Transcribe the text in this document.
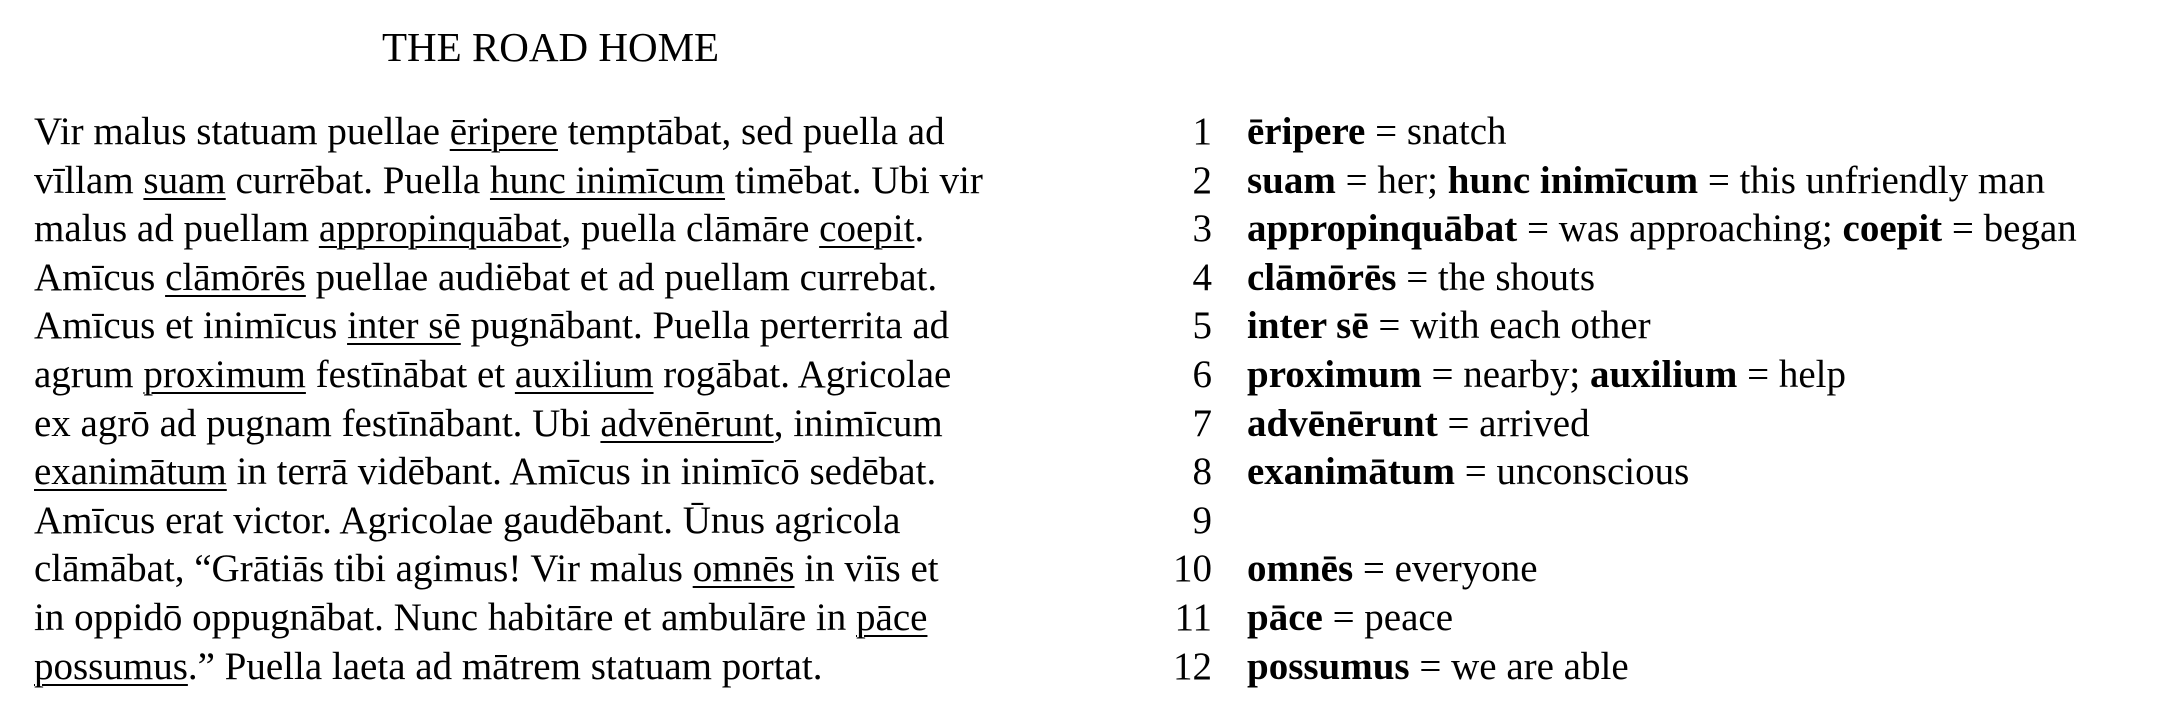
THE ROAD HOME
Vir malus statuam puellae ēripere temptābat, sed puella ad
vīllam suam currēbat. Puella hunc inimīcum timēbat. Ubi vir
malus ad puellam appropinquābat, puella clāmāre coepit.
Amīcus clāmōrēs puellae audiēbat et ad puellam currebat.
Amīcus et inimīcus inter sē pugnābant. Puella perterrita ad
agrum proximum festīnābat et auxilium rogābat. Agricolae
ex agrō ad pugnam festīnābant. Ubi advēnērunt, inimīcum
exanimātum in terrā vidēbant. Amīcus in inimīcō sedēbat.
Amīcus erat victor. Agricolae gaudēbant. Ūnus agricola
clāmābat, “Grātiās tibi agimus! Vir malus omnēs in viīs et
in oppidō oppugnābat. Nunc habitāre et ambulāre in pāce
possumus.” Puella laeta ad mātrem statuam portat.
1 ēripere = snatch
2 suam = her; hunc inimīcum = this unfriendly man
3 appropinquābat = was approaching; coepit = began
4 clāmōrēs = the shouts
5 inter sē = with each other
6 proximum = nearby; auxilium = help
7 advēnērunt = arrived
8 exanimātum = unconscious
9
10 omnēs = everyone
11 pāce = peace
12 possumus = we are able
